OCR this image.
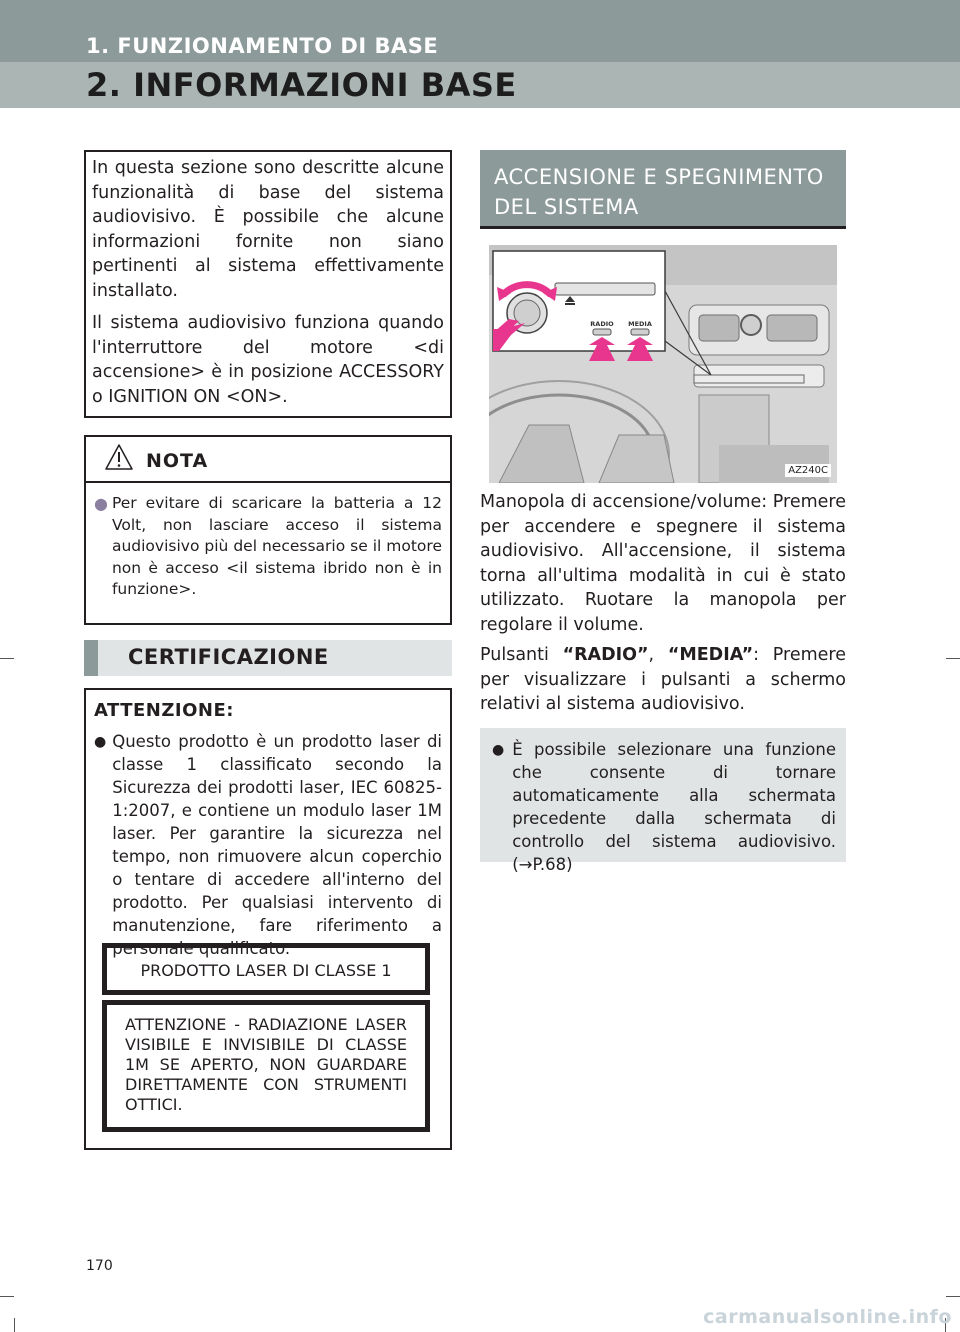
1. FUNZIONAMENTO DI BASE
2. INFORMAZIONI BASE

In questa sezione sono descritte alcune funzionalità di base del sistema audiovisivo. È possibile che alcune informazioni fornite non siano pertinenti al sistema effettivamente installato.

Il sistema audiovisivo funziona quando l'interruttore del motore <di accensione> è in posizione ACCESSORY o IGNITION ON <ON>.

NOTA
● Per evitare di scaricare la batteria a 12 Volt, non lasciare acceso il sistema audiovisivo più del necessario se il motore non è acceso <il sistema ibrido non è in funzione>.
CERTIFICAZIONE
ATTENZIONE:
● Questo prodotto è un prodotto laser di classe 1 classificato secondo la Sicurezza dei prodotti laser, IEC 60825-1:2007, e contiene un modulo laser 1M laser. Per garantire la sicurezza nel tempo, non rimuovere alcun coperchio o tentare di accedere all'interno del prodotto. Per qualsiasi intervento di manutenzione, fare riferimento a personale qualificato.
PRODOTTO LASER DI CLASSE 1
ATTENZIONE - RADIAZIONE LASER VISIBILE E INVISIBILE DI CLASSE 1M SE APERTO, NON GUARDARE DIRETTAMENTE CON STRUMENTI OTTICI.
ACCENSIONE E SPEGNIMENTO DEL SISTEMA
RADIO MEDIA
AZ240C

Manopola di accensione/volume: Premere per accendere e spegnere il sistema audiovisivo. All'accensione, il sistema torna all'ultima modalità in cui è stato utilizzato. Ruotare la manopola per regolare il volume.

Pulsanti “RADIO”, “MEDIA”: Premere per visualizzare i pulsanti a schermo relativi al sistema audiovisivo.

● È possibile selezionare una funzione che consente di tornare automaticamente alla schermata precedente dalla schermata di controllo del sistema audiovisivo. (→P.68)
170
carmanualsonline.info
